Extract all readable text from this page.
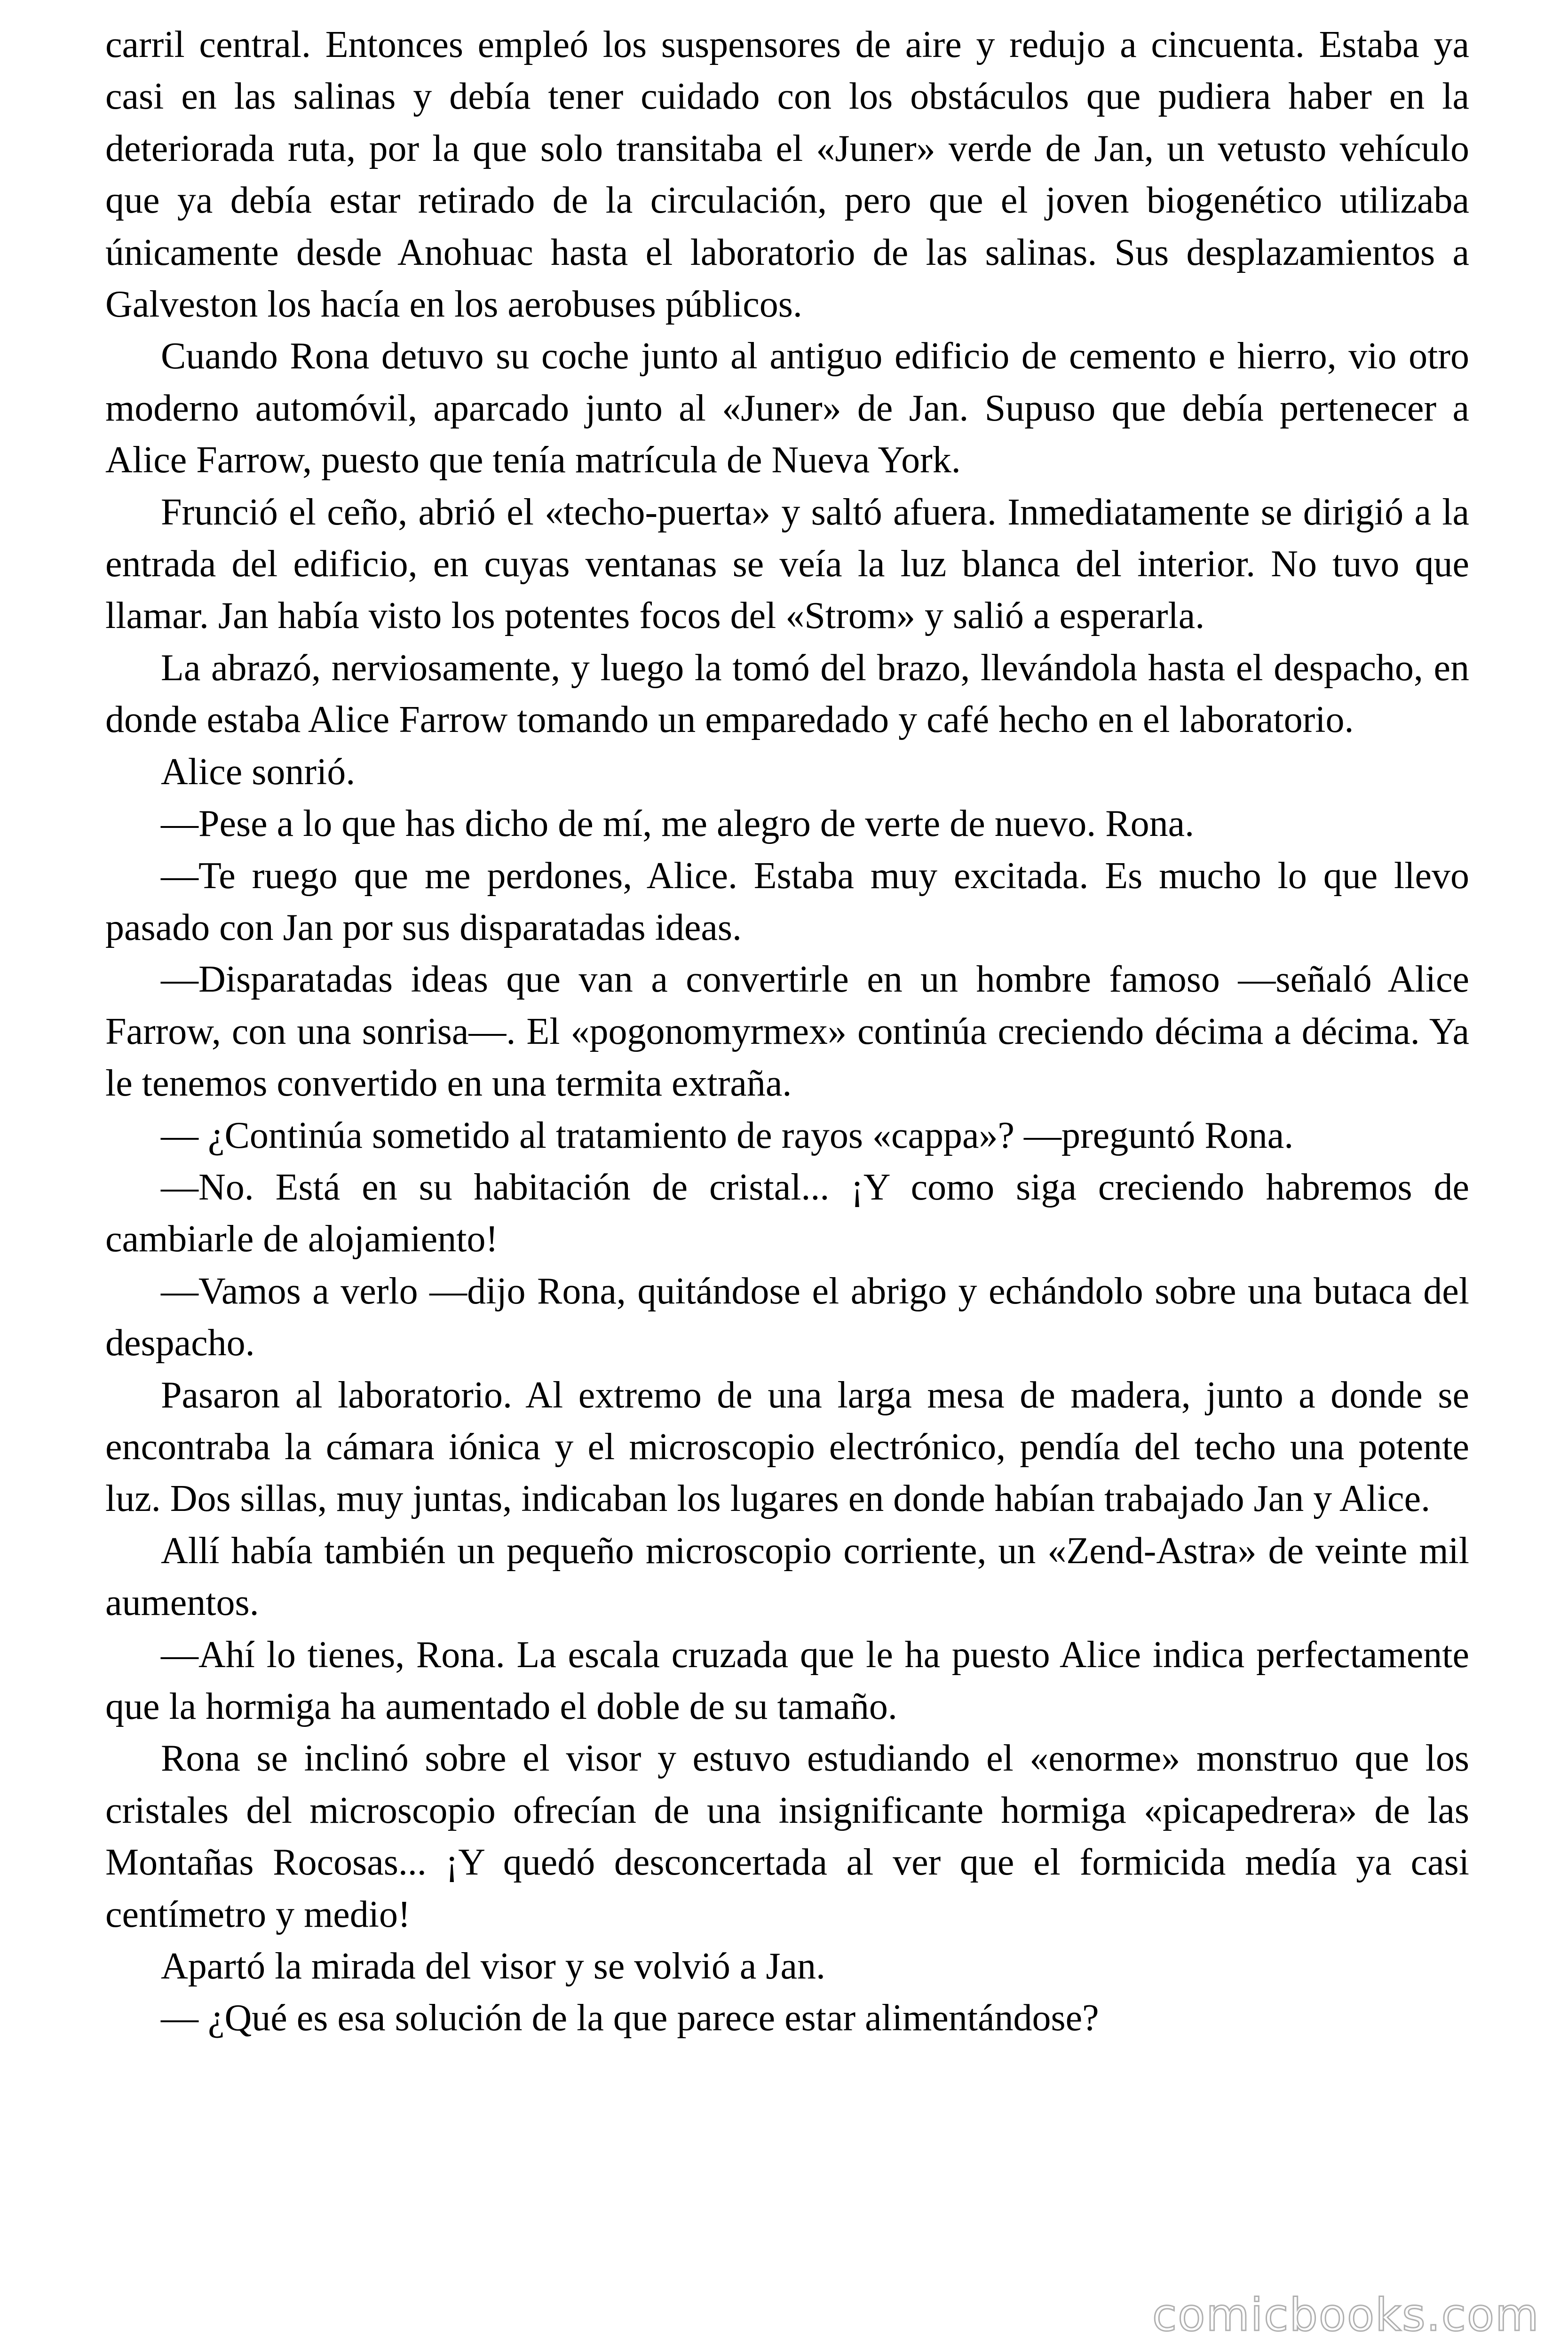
carril central. Entonces empleó los suspensores de aire y redujo a cincuenta. Estaba ya casi en las salinas y debía tener cuidado con los obstáculos que pudiera haber en la deteriorada ruta, por la que solo transitaba el «Juner» verde de Jan, un vetusto vehículo que ya debía estar retirado de la circulación, pero que el joven biogenético utilizaba únicamente desde Anohuac hasta el laboratorio de las salinas. Sus desplazamientos a Galveston los hacía en los aerobuses públicos.

Cuando Rona detuvo su coche junto al antiguo edificio de cemento e hierro, vio otro moderno automóvil, aparcado junto al «Juner» de Jan. Supuso que debía pertenecer a Alice Farrow, puesto que tenía matrícula de Nueva York.

Frunció el ceño, abrió el «techo-puerta» y saltó afuera. Inmediatamente se dirigió a la entrada del edificio, en cuyas ventanas se veía la luz blanca del interior. No tuvo que llamar. Jan había visto los potentes focos del «Strom» y salió a esperarla.

La abrazó, nerviosamente, y luego la tomó del brazo, llevándola hasta el despacho, en donde estaba Alice Farrow tomando un emparedado y café hecho en el laboratorio.

Alice sonrió.

—Pese a lo que has dicho de mí, me alegro de verte de nuevo. Rona.

—Te ruego que me perdones, Alice. Estaba muy excitada. Es mucho lo que llevo pasado con Jan por sus disparatadas ideas.

—Disparatadas ideas que van a convertirle en un hombre famoso —señaló Alice Farrow, con una sonrisa—. El «pogonomyrmex» continúa creciendo décima a décima. Ya le tenemos convertido en una termita extraña.

— ¿Continúa sometido al tratamiento de rayos «cappa»? —preguntó Rona.

—No. Está en su habitación de cristal... ¡Y como siga creciendo habremos de cambiarle de alojamiento!

—Vamos a verlo —dijo Rona, quitándose el abrigo y echándolo sobre una butaca del despacho.

Pasaron al laboratorio. Al extremo de una larga mesa de madera, junto a donde se encontraba la cámara iónica y el microscopio electrónico, pendía del techo una potente luz. Dos sillas, muy juntas, indicaban los lugares en donde habían trabajado Jan y Alice.

Allí había también un pequeño microscopio corriente, un «Zend-Astra» de veinte mil aumentos.

—Ahí lo tienes, Rona. La escala cruzada que le ha puesto Alice indica perfectamente que la hormiga ha aumentado el doble de su tamaño.

Rona se inclinó sobre el visor y estuvo estudiando el «enorme» monstruo que los cristales del microscopio ofrecían de una insignificante hormiga «picapedrera» de las Montañas Rocosas... ¡Y quedó desconcertada al ver que el formicida medía ya casi centímetro y medio!

Apartó la mirada del visor y se volvió a Jan.

— ¿Qué es esa solución de la que parece estar alimentándose?

comicbooks.com
